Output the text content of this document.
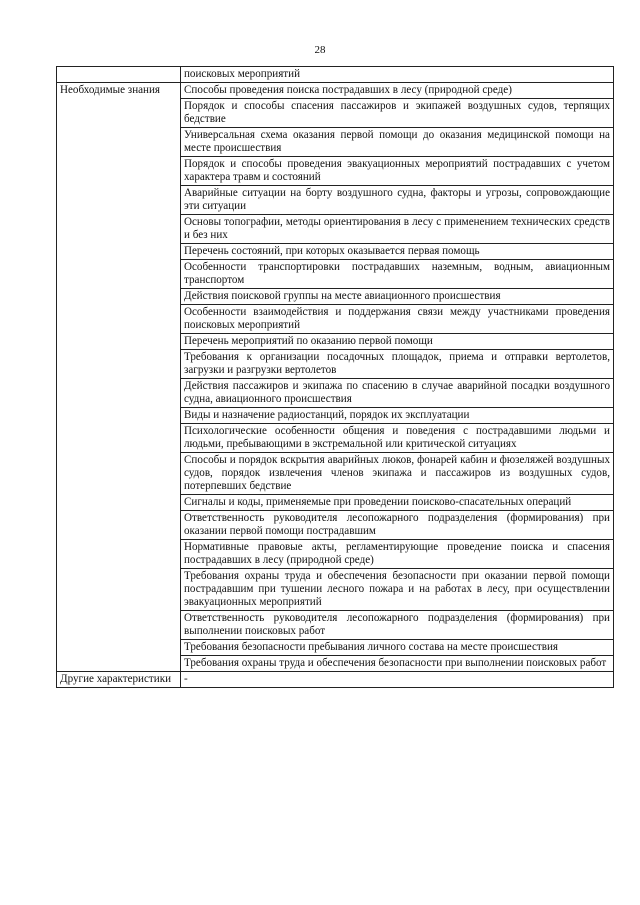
28
	поисковых мероприятий
Необходимые знания	Способы проведения поиска пострадавших в лесу (природной среде)
	Порядок и способы спасения пассажиров и экипажей воздушных судов, терпящих бедствие
	Универсальная схема оказания первой помощи до оказания медицинской помощи на месте происшествия
	Порядок и способы проведения эвакуационных мероприятий пострадавших с учетом характера травм и состояний
	Аварийные ситуации на борту воздушного судна, факторы и угрозы, сопровождающие эти ситуации
	Основы топографии, методы ориентирования в лесу с применением технических средств и без них
	Перечень состояний, при которых оказывается первая помощь
	Особенности транспортировки пострадавших наземным, водным, авиационным транспортом
	Действия поисковой группы на месте авиационного происшествия
	Особенности взаимодействия и поддержания связи между участниками проведения поисковых мероприятий
	Перечень мероприятий по оказанию первой помощи
	Требования к организации посадочных площадок, приема и отправки вертолетов, загрузки и разгрузки вертолетов
	Действия пассажиров и экипажа по спасению в случае аварийной посадки воздушного судна, авиационного происшествия
	Виды и назначение радиостанций, порядок их эксплуатации
	Психологические особенности общения и поведения с пострадавшими людьми и людьми, пребывающими в экстремальной или критической ситуациях
	Способы и порядок вскрытия аварийных люков, фонарей кабин и фюзеляжей воздушных судов, порядок извлечения членов экипажа и пассажиров из воздушных судов, потерпевших бедствие
	Сигналы и коды, применяемые при проведении поисково-спасательных операций
	Ответственность руководителя лесопожарного подразделения (формирования) при оказании первой помощи пострадавшим
	Нормативные правовые акты, регламентирующие проведение поиска и спасения пострадавших в лесу (природной среде)
	Требования охраны труда и обеспечения безопасности при оказании первой помощи пострадавшим при тушении лесного пожара и на работах в лесу, при осуществлении эвакуационных мероприятий
	Ответственность руководителя лесопожарного подразделения (формирования) при выполнении поисковых работ
	Требования безопасности пребывания личного состава на месте происшествия
	Требования охраны труда и обеспечения безопасности при выполнении поисковых работ
Другие характеристики	-
